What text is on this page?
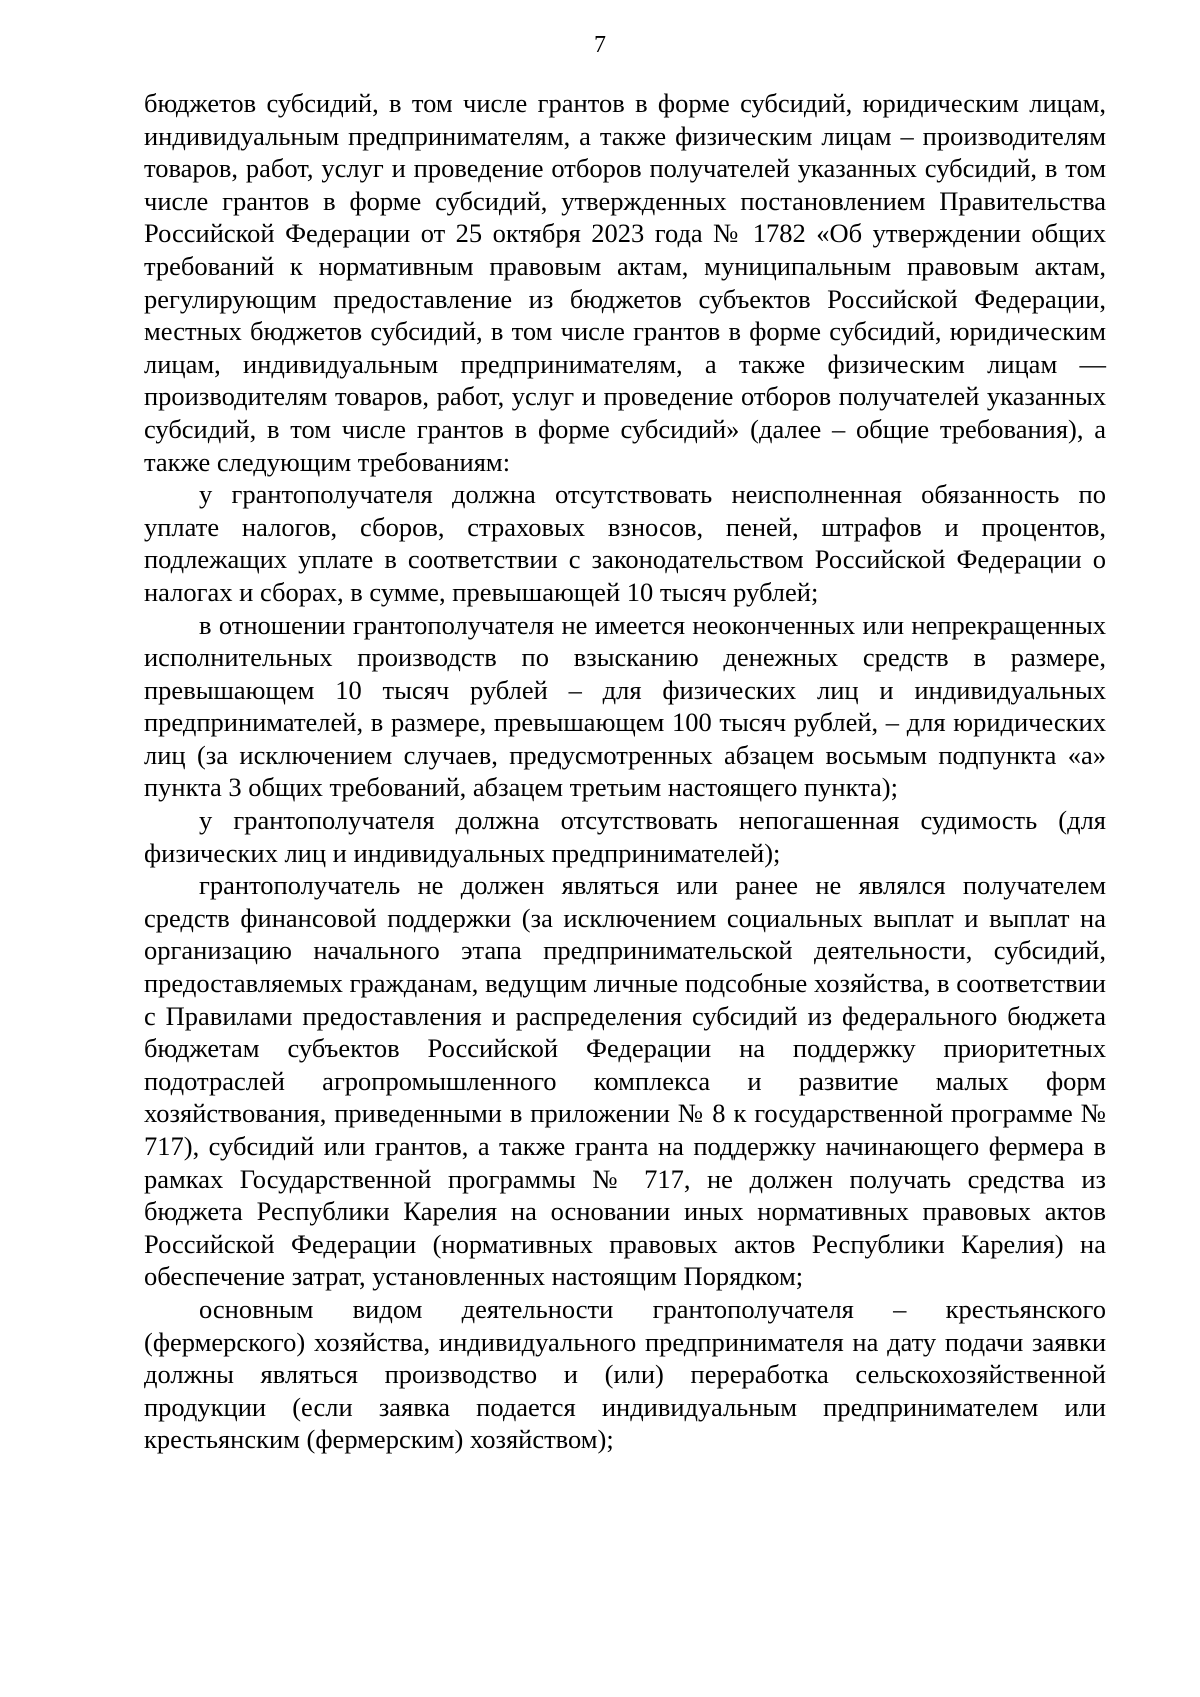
7

бюджетов субсидий, в том числе грантов в форме субсидий, юридическим лицам, индивидуальным предпринимателям, а также физическим лицам – производителям товаров, работ, услуг и проведение отборов получателей указанных субсидий, в том числе грантов в форме субсидий, утвержденных постановлением Правительства Российской Федерации от 25 октября 2023 года № 1782 «Об утверждении общих требований к нормативным правовым актам, муниципальным правовым актам, регулирующим предоставление из бюджетов субъектов Российской Федерации, местных бюджетов субсидий, в том числе грантов в форме субсидий, юридическим лицам, индивидуальным предпринимателям, а также физическим лицам — производителям товаров, работ, услуг и проведение отборов получателей указанных субсидий, в том числе грантов в форме субсидий» (далее – общие требования), а также следующим требованиям:

у грантополучателя должна отсутствовать неисполненная обязанность по уплате налогов, сборов, страховых взносов, пеней, штрафов и процентов, подлежащих уплате в соответствии с законодательством Российской Федерации о налогах и сборах, в сумме, превышающей 10 тысяч рублей;

в отношении грантополучателя не имеется неоконченных или непрекращенных исполнительных производств по взысканию денежных средств в размере, превышающем 10 тысяч рублей – для физических лиц и индивидуальных предпринимателей, в размере, превышающем 100 тысяч рублей, – для юридических лиц (за исключением случаев, предусмотренных абзацем восьмым подпункта «а» пункта 3 общих требований, абзацем третьим настоящего пункта);

у грантополучателя должна отсутствовать непогашенная судимость (для физических лиц и индивидуальных предпринимателей);

грантополучатель не должен являться или ранее не являлся получателем средств финансовой поддержки (за исключением социальных выплат и выплат на организацию начального этапа предпринимательской деятельности, субсидий, предоставляемых гражданам, ведущим личные подсобные хозяйства, в соответствии с Правилами предоставления и распределения субсидий из федерального бюджета бюджетам субъектов Российской Федерации на поддержку приоритетных подотраслей агропромышленного комплекса и развитие малых форм хозяйствования, приведенными в приложении № 8 к государственной программе № 717), субсидий или грантов, а также гранта на поддержку начинающего фермера в рамках Государственной программы № 717, не должен получать средства из бюджета Республики Карелия на основании иных нормативных правовых актов Российской Федерации (нормативных правовых актов Республики Карелия) на обеспечение затрат, установленных настоящим Порядком;

основным видом деятельности грантополучателя – крестьянского (фермерского) хозяйства, индивидуального предпринимателя на дату подачи заявки должны являться производство и (или) переработка сельскохозяйственной продукции (если заявка подается индивидуальным предпринимателем или крестьянским (фермерским) хозяйством);
